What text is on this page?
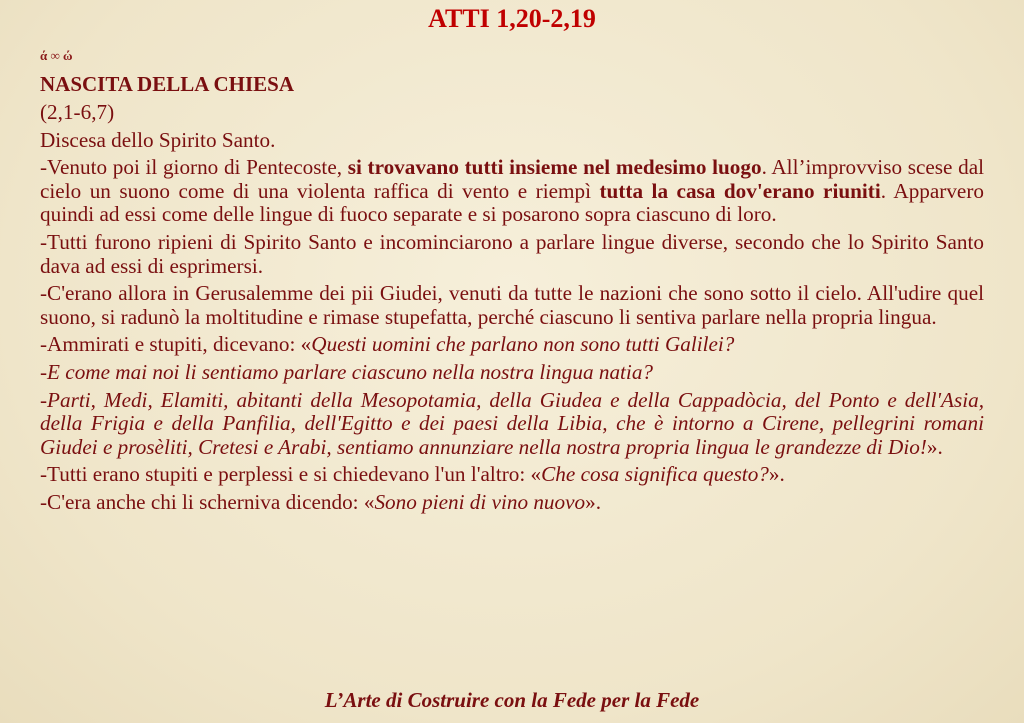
ATTI 1,20-2,19
ά ∞ ώ
NASCITA DELLA CHIESA

(2,1-6,7)

Discesa dello Spirito Santo.

-Venuto poi il giorno di Pentecoste, si trovavano tutti insieme nel medesimo luogo. All’improvviso scese dal cielo un suono come di una violenta raffica di vento e riempì tutta la casa dov'erano riuniti. Apparvero quindi ad essi come delle lingue di fuoco separate e si posarono sopra ciascuno di loro.

-Tutti furono ripieni di Spirito Santo e incominciarono a parlare lingue diverse, secondo che lo Spirito Santo dava ad essi di esprimersi.

-C'erano allora in Gerusalemme dei pii Giudei, venuti da tutte le nazioni che sono sotto il cielo. All'udire quel suono, si radunò la moltitudine e rimase stupefatta, perché ciascuno li sentiva parlare nella propria lingua.

-Ammirati e stupiti, dicevano: «Questi uomini che parlano non sono tutti Galilei?

-E come mai noi li sentiamo parlare ciascuno nella nostra lingua natia?

-Parti, Medi, Elamiti, abitanti della Mesopotamia, della Giudea e della Cappadòcia, del Ponto e dell'Asia, della Frigia e della Panfilia, dell'Egitto e dei paesi della Libia, che è intorno a Cirene, pellegrini romani Giudei e prosèliti, Cretesi e Arabi, sentiamo annunziare nella nostra propria lingua le grandezze di Dio!».

-Tutti erano stupiti e perplessi e si chiedevano l'un l'altro: «Che cosa significa questo?».

-C'era anche chi li scherniva dicendo: «Sono pieni di vino nuovo».

L’Arte di Costruire con la Fede per la Fede
